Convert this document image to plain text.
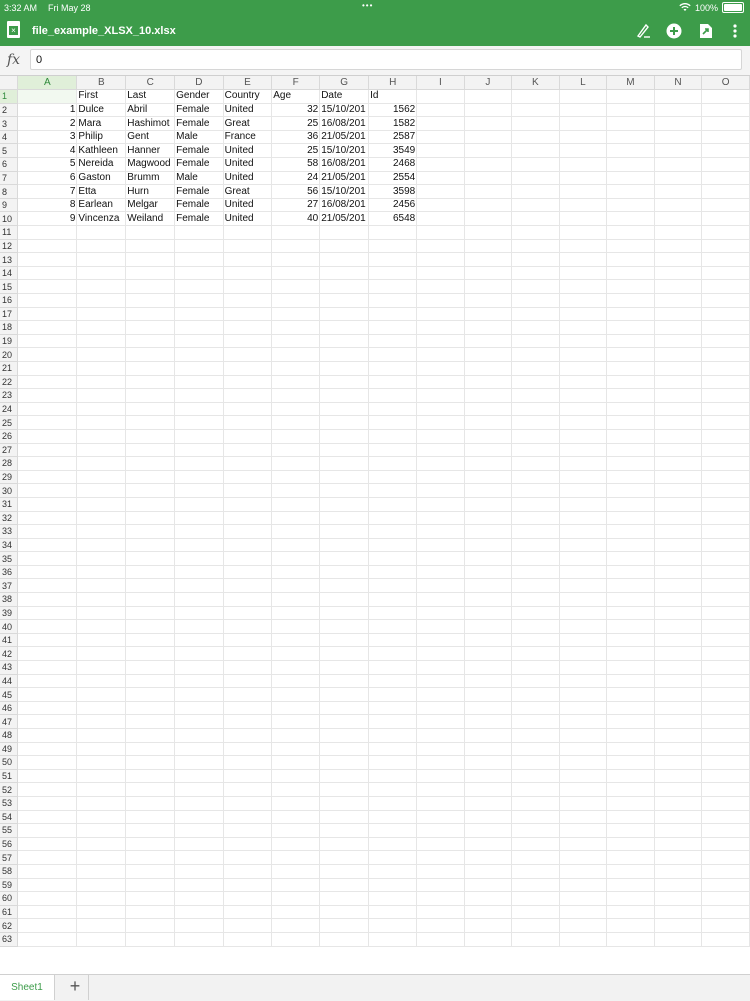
3:32 AM Fri May 28	•••	100%
× file_example_XLSX_10.xlsx
fx	0
	A	B	C	D	E	F	G	H	I	J	K	L	M	N	O
1		First	Last	Gender	Country	Age	Date	Id							
2	1	Dulce	Abril	Female	United	32	15/10/201	1562							
3	2	Mara	Hashimot	Female	Great	25	16/08/201	1582							
4	3	Philip	Gent	Male	France	36	21/05/201	2587							
5	4	Kathleen	Hanner	Female	United	25	15/10/201	3549							
6	5	Nereida	Magwood	Female	United	58	16/08/201	2468							
7	6	Gaston	Brumm	Male	United	24	21/05/201	2554							
8	7	Etta	Hurn	Female	Great	56	15/10/201	3598							
9	8	Earlean	Melgar	Female	United	27	16/08/201	2456							
10	9	Vincenza	Weiland	Female	United	40	21/05/201	6548							
11															
12															
13															
14															
15															
16															
17															
18															
19															
20															
21															
22															
23															
24															
25															
26															
27															
28															
29															
30															
31															
32															
33															
34															
35															
36															
37															
38															
39															
40															
41															
42															
43															
44															
45															
46															
47															
48															
49															
50															
51															
52															
53															
54															
55															
56															
57															
58															
59															
60															
61															
62															
63															
Sheet1	+
